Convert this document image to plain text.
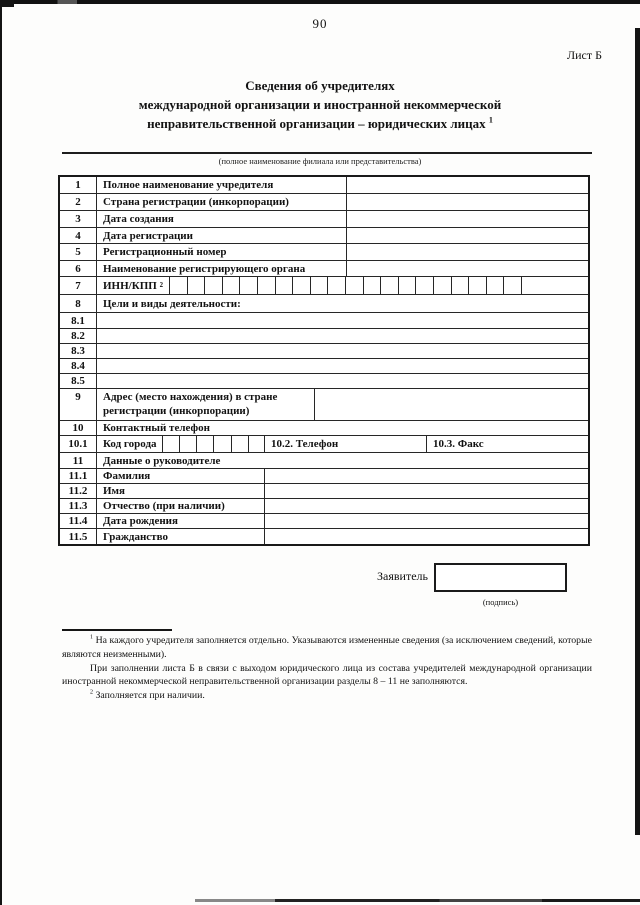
90
Лист Б
Сведения об учредителях
международной организации и иностранной некоммерческой
неправительственной организации – юридических лицах $^1$
(полное наименование филиала или представительства)
1	Полное наименование учредителя
2	Страна регистрации (инкорпорации)
3	Дата создания
4	Дата регистрации
5	Регистрационный номер
6	Наименование регистрирующего органа
7	ИНН/КПП
2
8	Цели и виды деятельности:
8.1
8.2
8.3
8.4
8.5
9	Адрес (место нахождения) в стране
регистрации (инкорпорации)
10	Контактный телефон
10.1	Код города	10.2. Телефон	10.3. Факс
11	Данные о руководителе
11.1	Фамилия
11.2	Имя
11.3	Отчество (при наличии)
11.4	Дата рождения
11.5	Гражданство
Заявитель
(подпись)

$^1$ На каждого учредителя заполняется отдельно. Указываются измененные сведения (за исключением сведений, которые являются неизменными).

При заполнении листа Б в связи с выходом юридического лица из состава учредителей международной организации иностранной некоммерческой неправительственной организации разделы 8 – 11 не заполняются.

$^2$ Заполняется при наличии.
